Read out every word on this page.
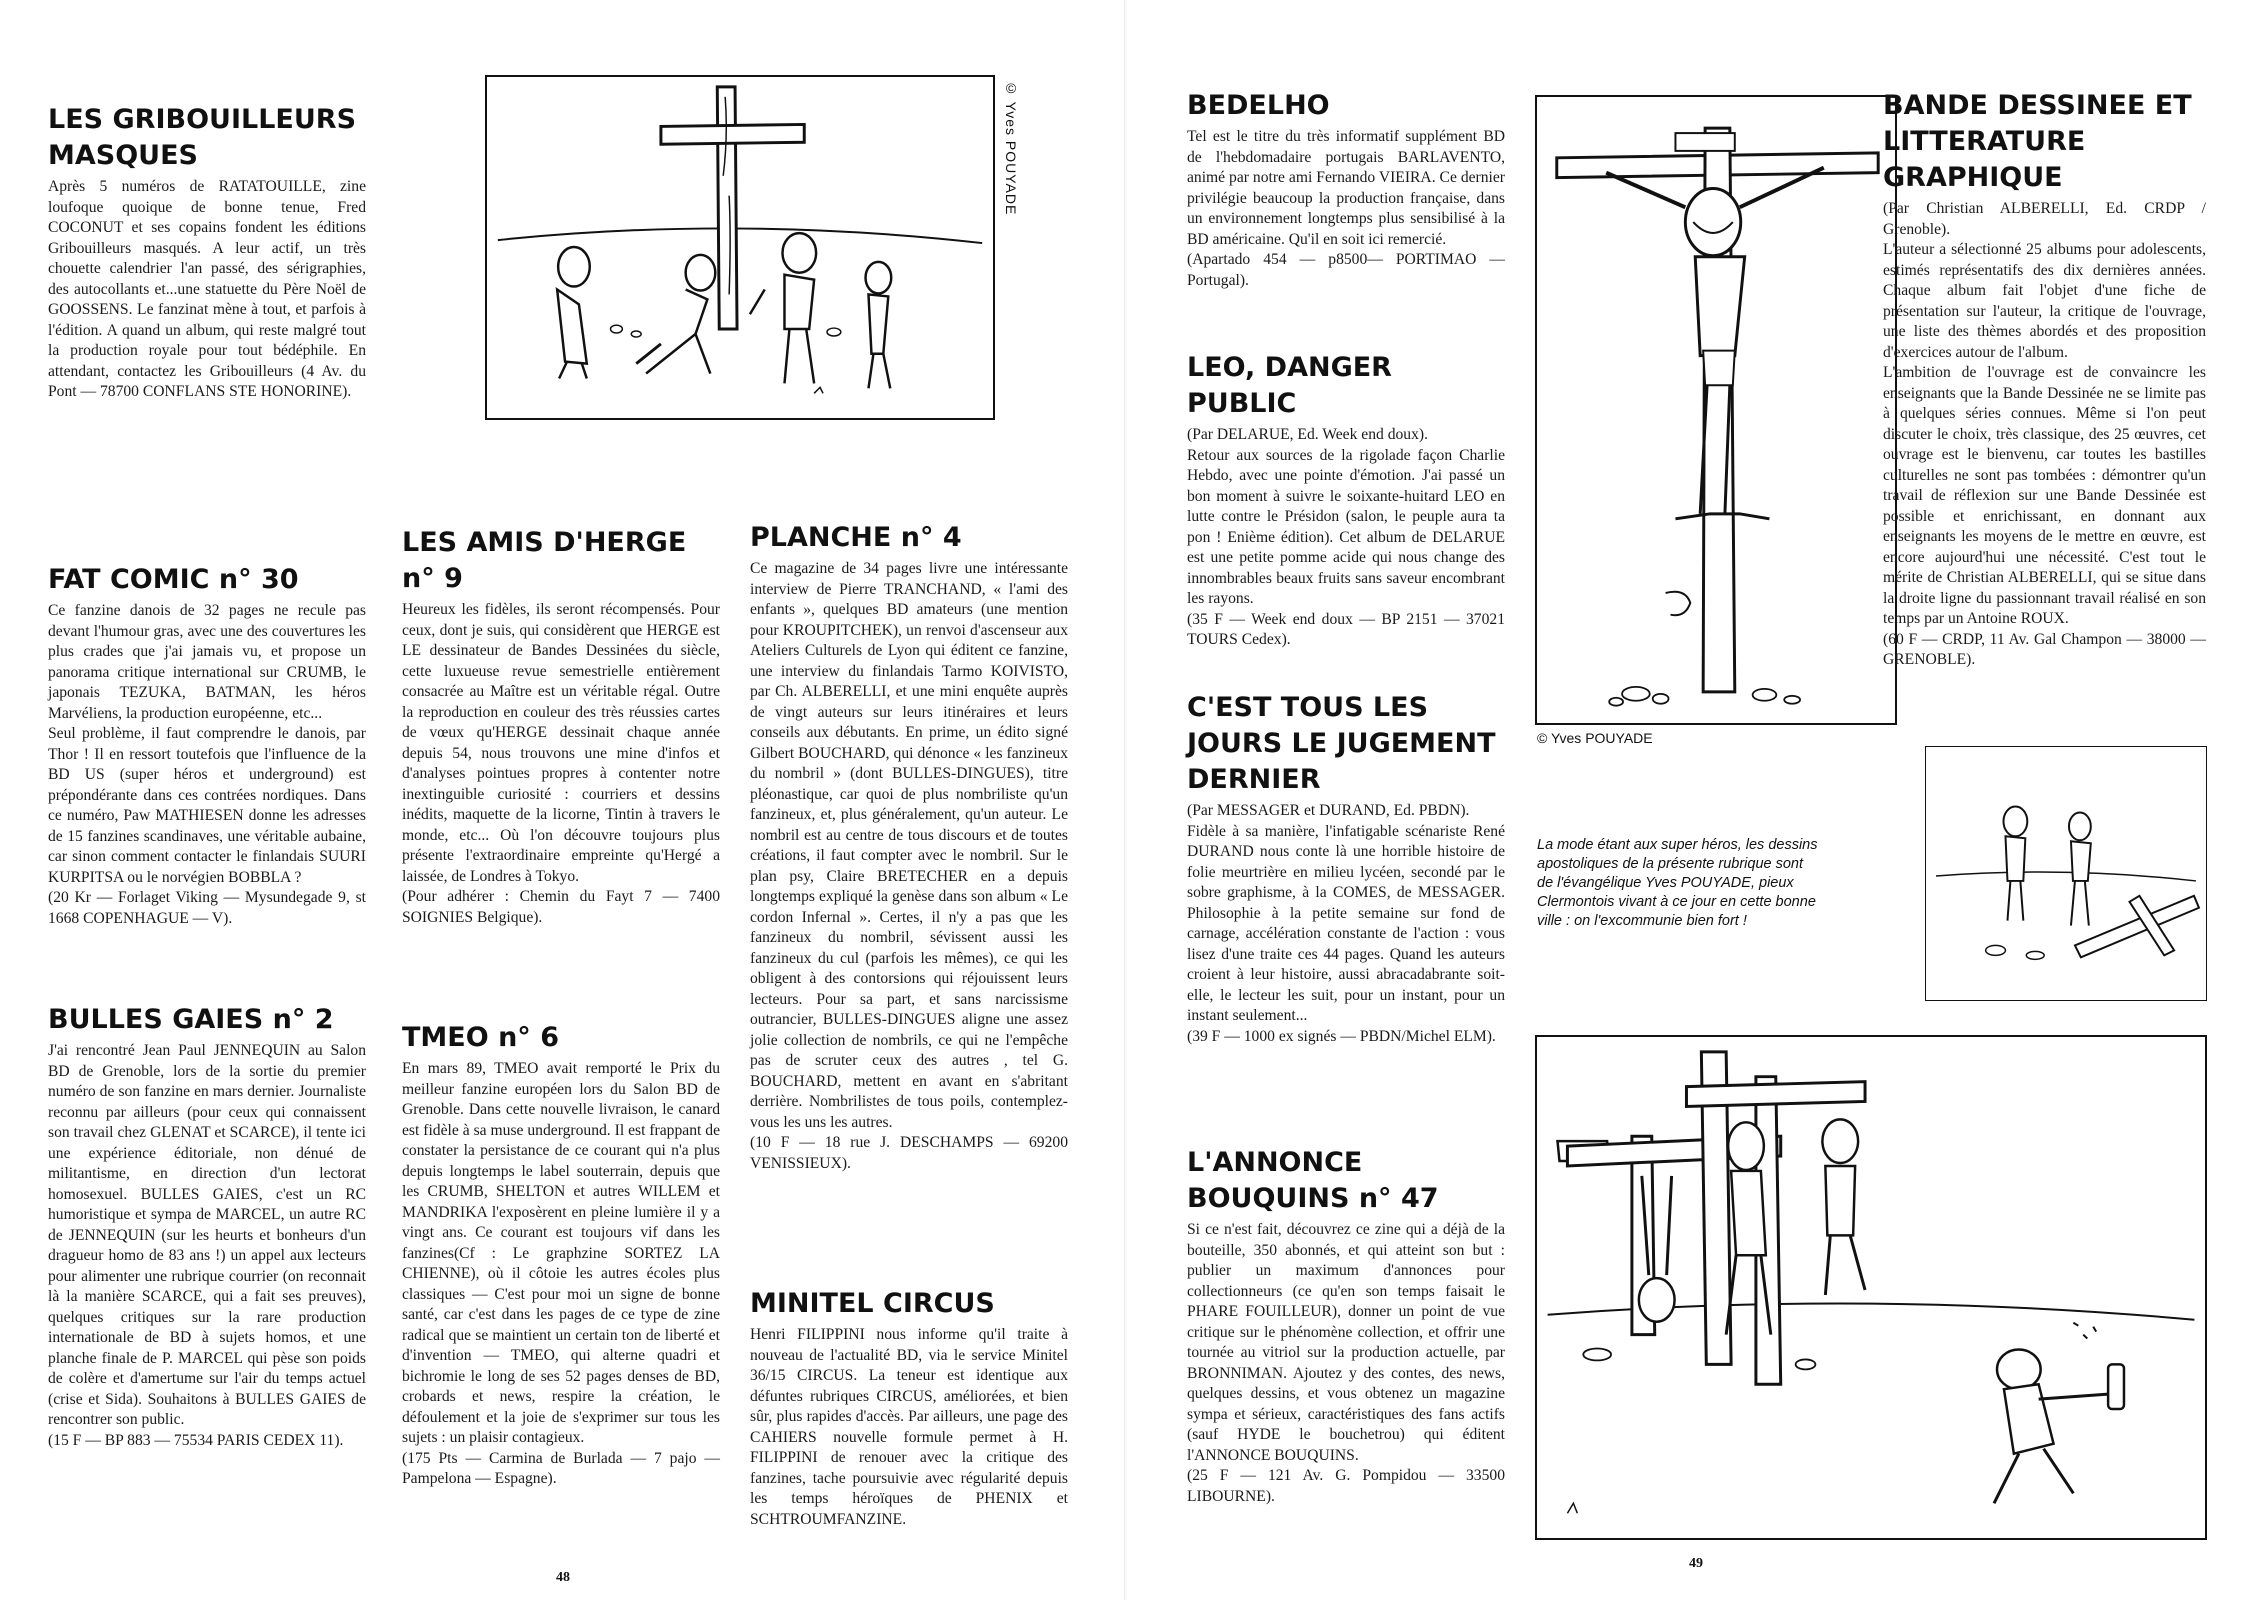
LES GRIBOUILLEURS MASQUES
Après 5 numéros de RATATOUILLE, zine loufoque quoique de bonne tenue, Fred COCONUT et ses copains fondent les éditions Gribouilleurs masqués. A leur actif, un très chouette calendrier l'an passé, des sérigraphies, des autocollants et...une statuette du Père Noël de GOOSSENS. Le fanzinat mène à tout, et parfois à l'édition. A quand un album, qui reste malgré tout la production royale pour tout bédéphile. En attendant, contactez les Gribouilleurs (4 Av. du Pont — 78700 CONFLANS STE HONORINE).
© Yves POUYADE
FAT COMIC n° 30
Ce fanzine danois de 32 pages ne recule pas devant l'humour gras, avec une des couvertures les plus crades que j'ai jamais vu, et propose un panorama critique international sur CRUMB, le japonais TEZUKA, BATMAN, les héros Marvéliens, la production européenne, etc...
Seul problème, il faut comprendre le danois, par Thor ! Il en ressort toutefois que l'influence de la BD US (super héros et underground) est prépondérante dans ces contrées nordiques. Dans ce numéro, Paw MATHIESEN donne les adresses de 15 fanzines scandinaves, une véritable aubaine, car sinon comment contacter le finlandais SUURI KURPITSA ou le norvégien BOBBLA ?
(20 Kr — Forlaget Viking — Mysundegade 9, st 1668 COPENHAGUE — V).
BULLES GAIES n° 2
J'ai rencontré Jean Paul JENNEQUIN au Salon BD de Grenoble, lors de la sortie du premier numéro de son fanzine en mars dernier. Journaliste reconnu par ailleurs (pour ceux qui connaissent son travail chez GLENAT et SCARCE), il tente ici une expérience éditoriale, non dénué de militantisme, en direction d'un lectorat homosexuel. BULLES GAIES, c'est un RC humoristique et sympa de MARCEL, un autre RC de JENNEQUIN (sur les heurts et bonheurs d'un dragueur homo de 83 ans !) un appel aux lecteurs pour alimenter une rubrique courrier (on reconnait là la manière SCARCE, qui a fait ses preuves), quelques critiques sur la rare production internationale de BD à sujets homos, et une planche finale de P. MARCEL qui pèse son poids de colère et d'amertume sur l'air du temps actuel (crise et Sida). Souhaitons à BULLES GAIES de rencontrer son public.
(15 F — BP 883 — 75534 PARIS CEDEX 11).
LES AMIS D'HERGE n° 9
Heureux les fidèles, ils seront récompensés. Pour ceux, dont je suis, qui considèrent que HERGE est LE dessinateur de Bandes Dessinées du siècle, cette luxueuse revue semestrielle entièrement consacrée au Maître est un véritable régal. Outre la reproduction en couleur des très réussies cartes de vœux qu'HERGE dessinait chaque année depuis 54, nous trouvons une mine d'infos et d'analyses pointues propres à contenter notre inextinguible curiosité : courriers et dessins inédits, maquette de la licorne, Tintin à travers le monde, etc... Où l'on découvre toujours plus présente l'extraordinaire empreinte qu'Hergé a laissée, de Londres à Tokyo.
(Pour adhérer : Chemin du Fayt 7 — 7400 SOIGNIES Belgique).
TMEO n° 6
En mars 89, TMEO avait remporté le Prix du meilleur fanzine européen lors du Salon BD de Grenoble. Dans cette nouvelle livraison, le canard est fidèle à sa muse underground. Il est frappant de constater la persistance de ce courant qui n'a plus depuis longtemps le label souterrain, depuis que les CRUMB, SHELTON et autres WILLEM et MANDRIKA l'exposèrent en pleine lumière il y a vingt ans. Ce courant est toujours vif dans les fanzines(Cf : Le graphzine SORTEZ LA CHIENNE), où il côtoie les autres écoles plus classiques — C'est pour moi un signe de bonne santé, car c'est dans les pages de ce type de zine radical que se maintient un certain ton de liberté et d'invention — TMEO, qui alterne quadri et bichromie le long de ses 52 pages denses de BD, crobards et news, respire la création, le défoulement et la joie de s'exprimer sur tous les sujets : un plaisir contagieux.
(175 Pts — Carmina de Burlada — 7 pajo — Pampelona — Espagne).
PLANCHE n° 4
Ce magazine de 34 pages livre une intéressante interview de Pierre TRANCHAND, « l'ami des enfants », quelques BD amateurs (une mention pour KROUPITCHEK), un renvoi d'ascenseur aux Ateliers Culturels de Lyon qui éditent ce fanzine, une interview du finlandais Tarmo KOIVISTO, par Ch. ALBERELLI, et une mini enquête auprès de vingt auteurs sur leurs itinéraires et leurs conseils aux débutants. En prime, un édito signé Gilbert BOUCHARD, qui dénonce « les fanzineux du nombril » (dont BULLES-DINGUES), titre pléonastique, car quoi de plus nombriliste qu'un fanzineux, et, plus généralement, qu'un auteur. Le nombril est au centre de tous discours et de toutes créations, il faut compter avec le nombril. Sur le plan psy, Claire BRETECHER en a depuis longtemps expliqué la genèse dans son album « Le cordon Infernal ». Certes, il n'y a pas que les fanzineux du nombril, sévissent aussi les fanzineux du cul (parfois les mêmes), ce qui les obligent à des contorsions qui réjouissent leurs lecteurs. Pour sa part, et sans narcissisme outrancier, BULLES-DINGUES aligne une assez jolie collection de nombrils, ce qui ne l'empêche pas de scruter ceux des autres , tel G. BOUCHARD, mettent en avant en s'abritant derrière. Nombrilistes de tous poils, contemplez-vous les uns les autres.
(10 F — 18 rue J. DESCHAMPS — 69200 VENISSIEUX).
MINITEL CIRCUS
Henri FILIPPINI nous informe qu'il traite à nouveau de l'actualité BD, via le service Minitel 36/15 CIRCUS. La teneur est identique aux défuntes rubriques CIRCUS, améliorées, et bien sûr, plus rapides d'accès. Par ailleurs, une page des CAHIERS nouvelle formule permet à H. FILIPPINI de renouer avec la critique des fanzines, tache poursuivie avec régularité depuis les temps héroïques de PHENIX et SCHTROUMFANZINE.
48
BEDELHO
Tel est le titre du très informatif supplément BD de l'hebdomadaire portugais BARLAVENTO, animé par notre ami Fernando VIEIRA. Ce dernier privilégie beaucoup la production française, dans un environnement longtemps plus sensibilisé à la BD américaine. Qu'il en soit ici remercié.
(Apartado 454 — p8500— PORTIMAO — Portugal).
LEO, DANGER PUBLIC
(Par DELARUE, Ed. Week end doux).
Retour aux sources de la rigolade façon Charlie Hebdo, avec une pointe d'émotion. J'ai passé un bon moment à suivre le soixante-huitard LEO en lutte contre le Présidon (salon, le peuple aura ta pon ! Enième édition). Cet album de DELARUE est une petite pomme acide qui nous change des innombrables beaux fruits sans saveur encombrant les rayons.
(35 F — Week end doux — BP 2151 — 37021 TOURS Cedex).
C'EST TOUS LES JOURS LE JUGEMENT DERNIER
(Par MESSAGER et DURAND, Ed. PBDN).
Fidèle à sa manière, l'infatigable scénariste René DURAND nous conte là une horrible histoire de folie meurtrière en milieu lycéen, secondé par le sobre graphisme, à la COMES, de MESSAGER. Philosophie à la petite semaine sur fond de carnage, accélération constante de l'action : vous lisez d'une traite ces 44 pages. Quand les auteurs croient à leur histoire, aussi abracadabrante soit-elle, le lecteur les suit, pour un instant, pour un instant seulement...
(39 F — 1000 ex signés — PBDN/Michel ELM).
L'ANNONCE BOUQUINS n° 47
Si ce n'est fait, découvrez ce zine qui a déjà de la bouteille, 350 abonnés, et qui atteint son but : publier un maximum d'annonces pour collectionneurs (ce qu'en son temps faisait le PHARE FOUILLEUR), donner un point de vue critique sur le phénomène collection, et offrir une tournée au vitriol sur la production actuelle, par BRONNIMAN. Ajoutez y des contes, des news, quelques dessins, et vous obtenez un magazine sympa et sérieux, caractéristiques des fans actifs (sauf HYDE le bouchetrou) qui éditent l'ANNONCE BOUQUINS.
(25 F — 121 Av. G. Pompidou — 33500 LIBOURNE).
© Yves POUYADE
BANDE DESSINEE ET LITTERATURE GRAPHIQUE
(Par Christian ALBERELLI, Ed. CRDP / Grenoble).
L'auteur a sélectionné 25 albums pour adolescents, estimés représentatifs des dix dernières années. Chaque album fait l'objet d'une fiche de présentation sur l'auteur, la critique de l'ouvrage, une liste des thèmes abordés et des proposition d'exercices autour de l'album.
L'ambition de l'ouvrage est de convaincre les enseignants que la Bande Dessinée ne se limite pas à quelques séries connues. Même si l'on peut discuter le choix, très classique, des 25 œuvres, cet ouvrage est le bienvenu, car toutes les bastilles culturelles ne sont pas tombées : démontrer qu'un travail de réflexion sur une Bande Dessinée est possible et enrichissant, en donnant aux enseignants les moyens de le mettre en œuvre, est encore aujourd'hui une nécessité. C'est tout le mérite de Christian ALBERELLI, qui se situe dans la droite ligne du passionnant travail réalisé en son temps par un Antoine ROUX.
(60 F — CRDP, 11 Av. Gal Champon — 38000 — GRENOBLE).
La mode étant aux super héros, les dessins apostoliques de la présente rubrique sont de l'évangélique Yves POUYADE, pieux Clermontois vivant à ce jour en cette bonne ville : on l'excommunie bien fort !
49
